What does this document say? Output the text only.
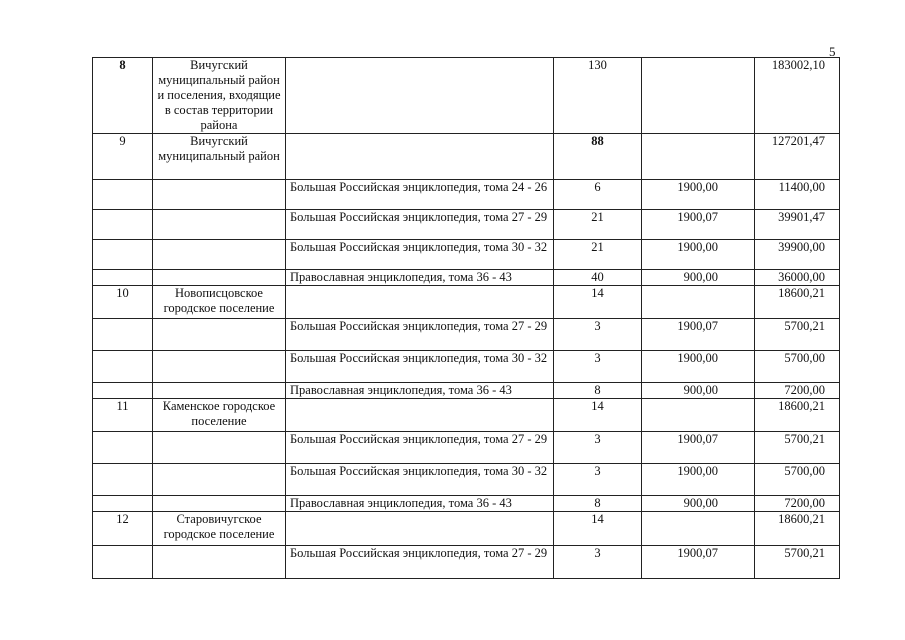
5
8	Вичугский муниципальный район и поселения, входящие в состав территории района		130		183002,10
9	Вичугский муниципальный район		88		127201,47
		Большая Российская энциклопедия, тома 24 - 26	6	1900,00	11400,00
		Большая Российская энциклопедия, тома 27 - 29	21	1900,07	39901,47
		Большая Российская энциклопедия, тома 30 - 32	21	1900,00	39900,00
		Православная энциклопедия, тома 36 - 43	40	900,00	36000,00
10	Новописцовское городское поселение		14		18600,21
		Большая Российская энциклопедия, тома 27 - 29	3	1900,07	5700,21
		Большая Российская энциклопедия, тома 30 - 32	3	1900,00	5700,00
		Православная энциклопедия, тома 36 - 43	8	900,00	7200,00
11	Каменское городское поселение		14		18600,21
		Большая Российская энциклопедия, тома 27 - 29	3	1900,07	5700,21
		Большая Российская энциклопедия, тома 30 - 32	3	1900,00	5700,00
		Православная энциклопедия, тома 36 - 43	8	900,00	7200,00
12	Старовичугское городское поселение		14		18600,21
		Большая Российская энциклопедия, тома 27 - 29	3	1900,07	5700,21
